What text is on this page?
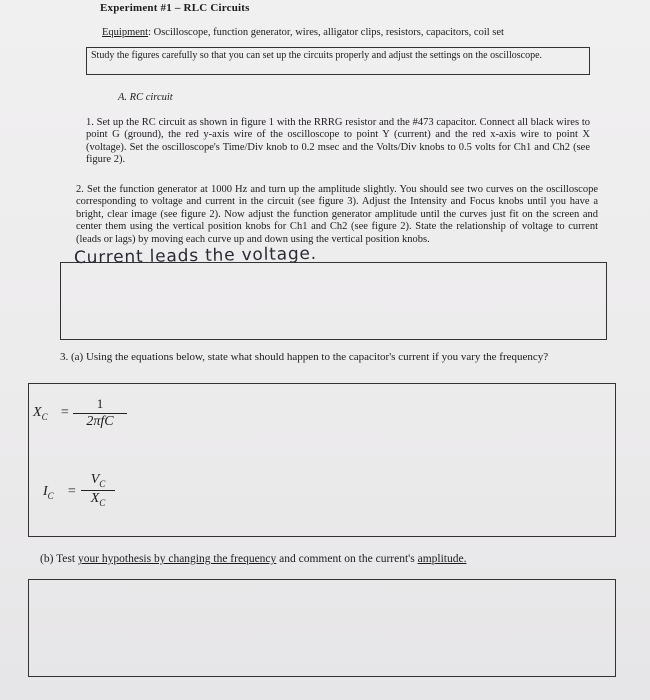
Experiment #1 – RLC Circuits
Equipment: Oscilloscope, function generator, wires, alligator clips, resistors, capacitors, coil set
Study the figures carefully so that you can set up the circuits properly and adjust the settings on the oscilloscope.
A. RC circuit
1. Set up the RC circuit as shown in figure 1 with the RRRG resistor and the #473 capacitor. Connect all black wires to point G (ground), the red y-axis wire of the oscilloscope to point Y (current) and the red x-axis wire to point X (voltage). Set the oscilloscope's Time/Div knob to 0.2 msec and the Volts/Div knobs to 0.5 volts for Ch1 and Ch2 (see figure 2).
2. Set the function generator at 1000 Hz and turn up the amplitude slightly. You should see two curves on the oscilloscope corresponding to voltage and current in the circuit (see figure 3). Adjust the Intensity and Focus knobs until you have a bright, clear image (see figure 2). Now adjust the function generator amplitude until the curves just fit on the screen and center them using the vertical position knobs for Ch1 and Ch2 (see figure 2). State the relationship of voltage to current (leads or lags) by moving each curve up and down using the vertical position knobs.
Current leads the voltage.
3. (a) Using the equations below, state what should happen to the capacitor's current if you vary the frequency?
$X_C$ =
1
2πfC
$I_C = \frac{V_C}{X_C}$
(b) Test your hypothesis by changing the frequency and comment on the current's amplitude.
